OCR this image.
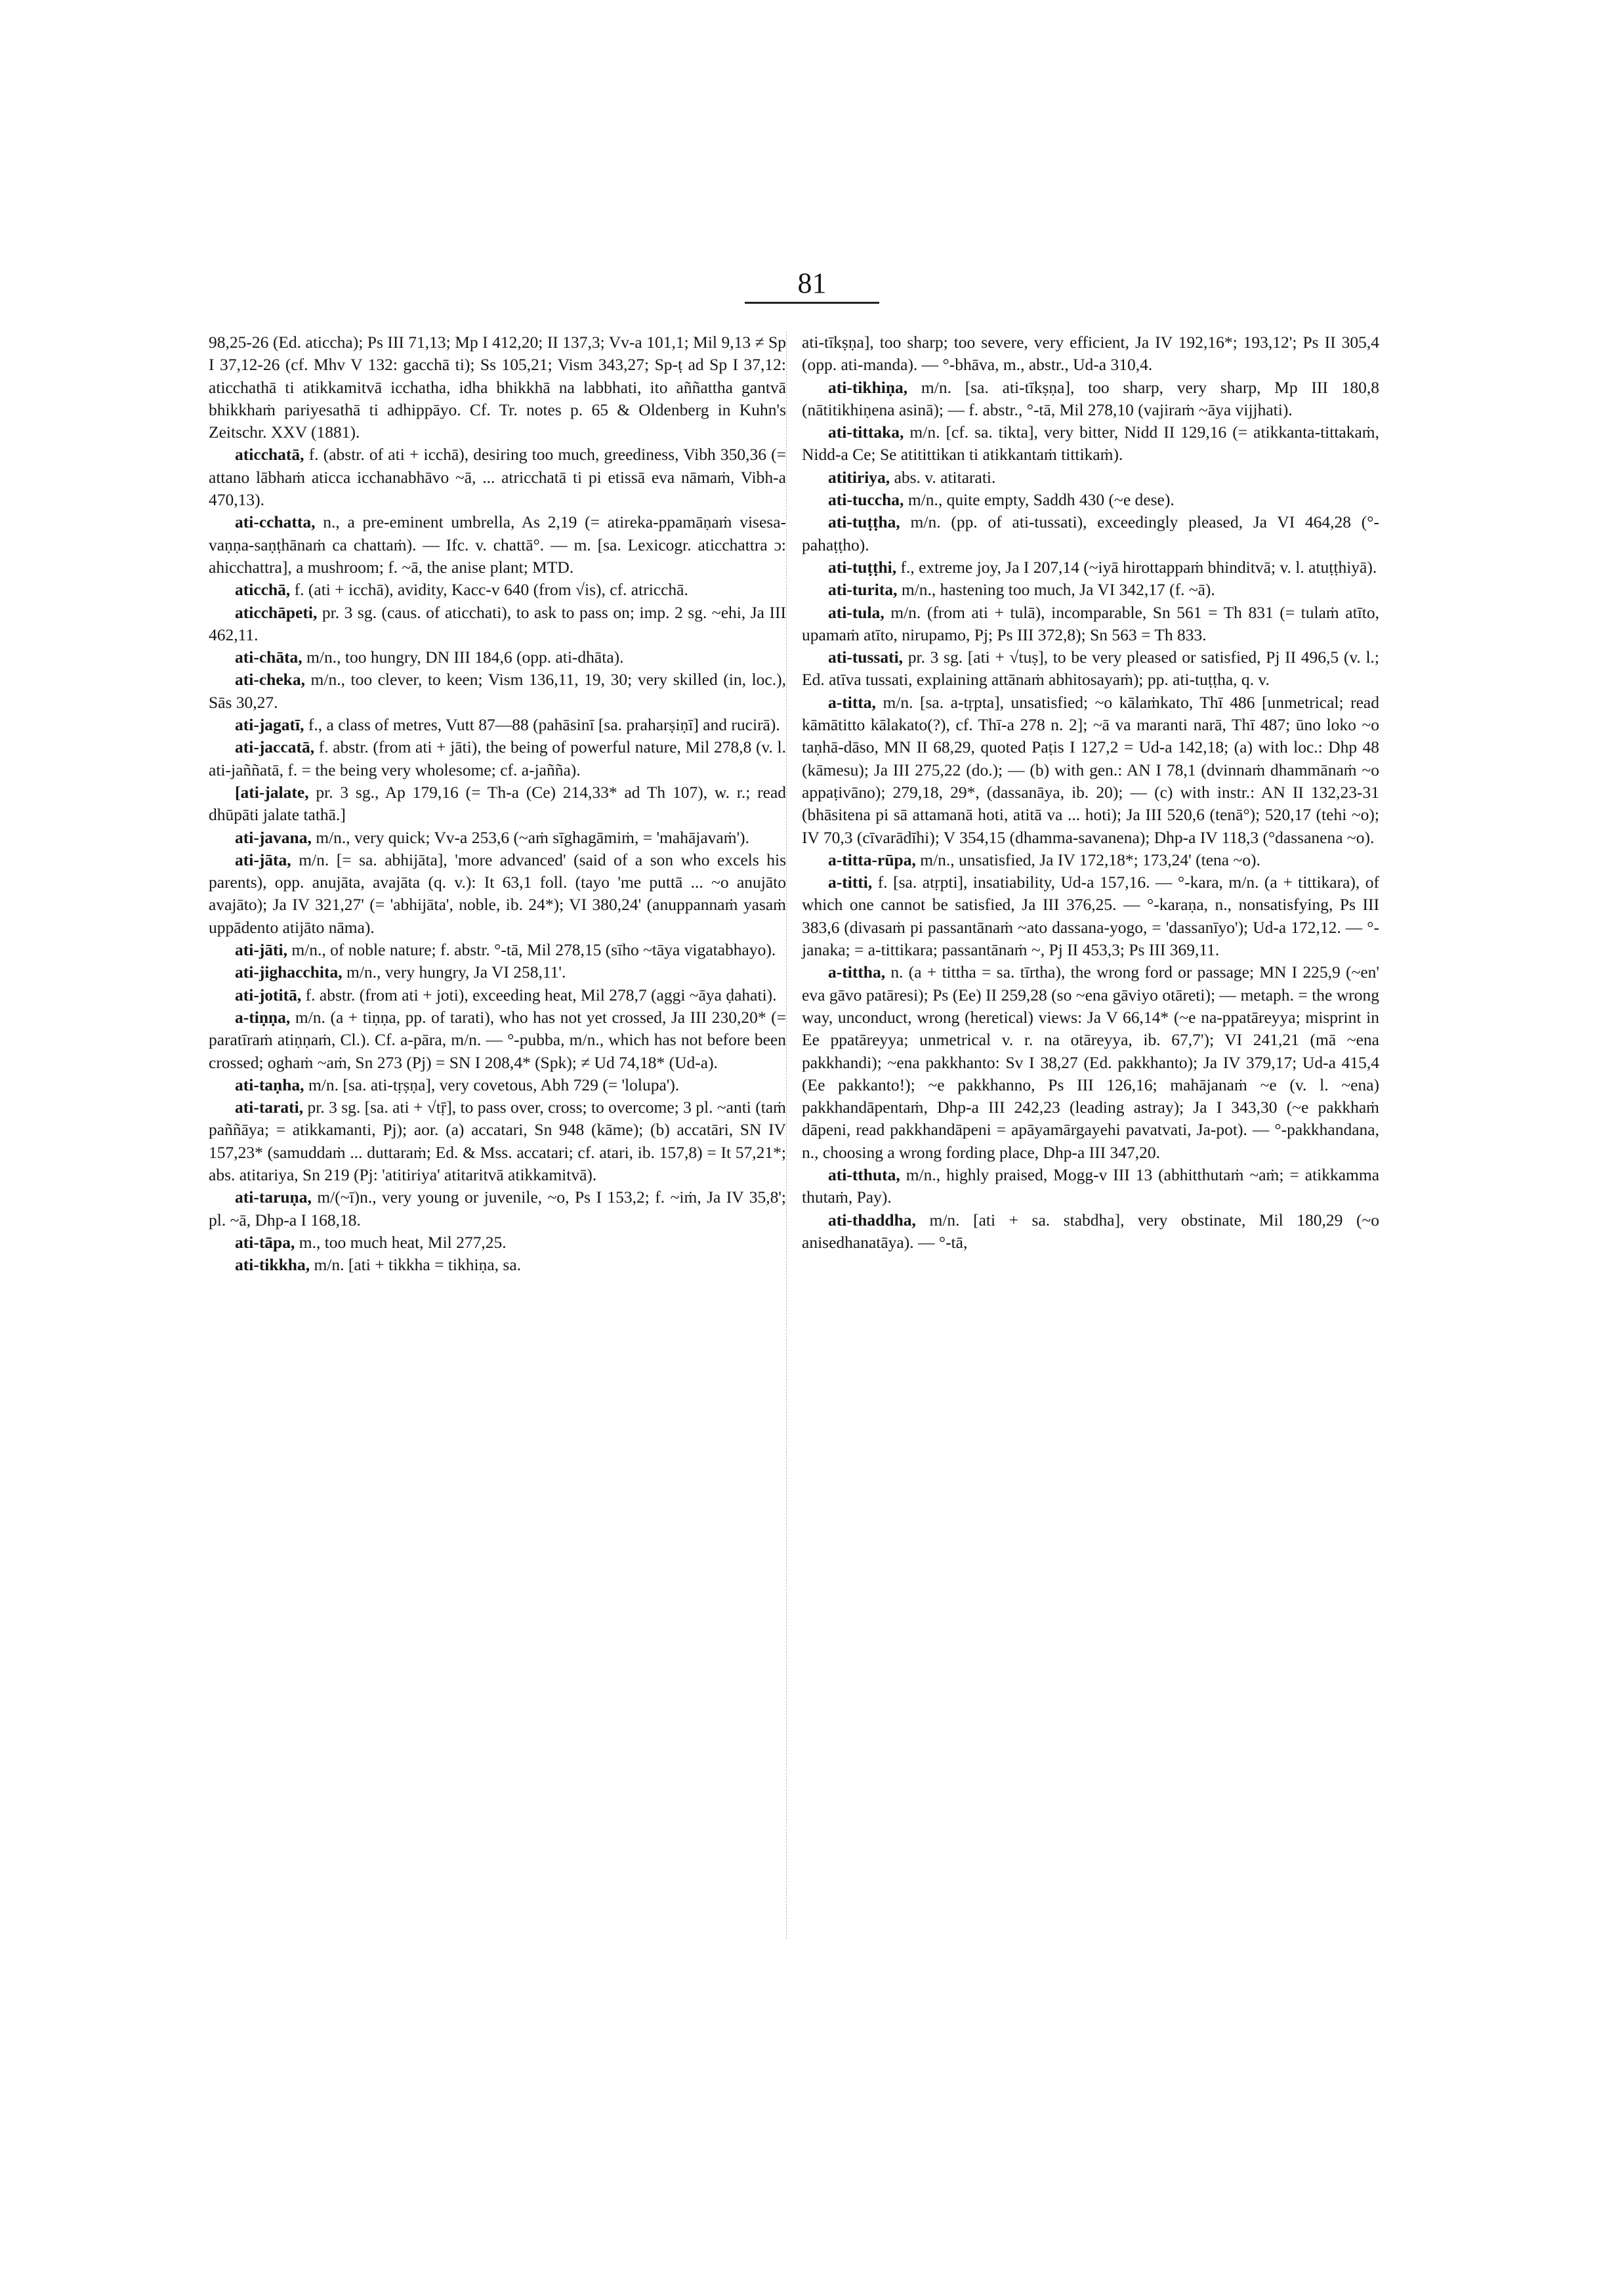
81

98,25-26 (Ed. aticcha); Ps III 71,13; Mp I 412,20; II 137,3; Vv-a 101,1; Mil 9,13 ≠ Sp I 37,12-26 (cf. Mhv V 132: gacchā ti); Ss 105,21; Vism 343,27; Sp-ṭ ad Sp I 37,12: aticchathā ti atikkamitvā icchatha, idha bhikkhā na labbhati, ito aññattha gantvā bhikkhaṁ pariyesathā ti adhippāyo. Cf. Tr. notes p. 65 & Oldenberg in Kuhn's Zeitschr. XXV (1881).

aticchatā, f. (abstr. of ati + icchā), desiring too much, greediness, Vibh 350,36 (= attano lābhaṁ aticca icchanabhāvo ~ā, ... atricchatā ti pi etissā eva nāmaṁ, Vibh-a 470,13).

ati-cchatta, n., a pre-eminent umbrella, As 2,19 (= atireka-ppamāṇaṁ visesa-vaṇṇa-saṇṭhānaṁ ca chattaṁ). — Ifc. v. chattā°. — m. [sa. Lexicogr. aticchattra ɔ: ahicchattra], a mushroom; f. ~ā, the anise plant; MTD.

aticchā, f. (ati + icchā), avidity, Kacc-v 640 (from √is), cf. atricchā.

aticchāpeti, pr. 3 sg. (caus. of aticchati), to ask to pass on; imp. 2 sg. ~ehi, Ja III 462,11.

ati-chāta, m/n., too hungry, DN III 184,6 (opp. ati-dhāta).

ati-cheka, m/n., too clever, to keen; Vism 136,11, 19, 30; very skilled (in, loc.), Sās 30,27.

ati-jagatī, f., a class of metres, Vutt 87—88 (pahāsinī [sa. praharṣiṇī] and rucirā).

ati-jaccatā, f. abstr. (from ati + jāti), the being of powerful nature, Mil 278,8 (v. l. ati-jaññatā, f. = the being very wholesome; cf. a-jañña).

[ati-jalate, pr. 3 sg., Ap 179,16 (= Th-a (Ce) 214,33* ad Th 107), w. r.; read dhūpāti jalate tathā.]

ati-javana, m/n., very quick; Vv-a 253,6 (~aṁ sīghagāmiṁ, = 'mahājavaṁ').

ati-jāta, m/n. [= sa. abhijāta], 'more advanced' (said of a son who excels his parents), opp. anujāta, avajāta (q. v.): It 63,1 foll. (tayo 'me puttā ... ~o anujāto avajāto); Ja IV 321,27' (= 'abhijāta', noble, ib. 24*); VI 380,24' (anuppannaṁ yasaṁ uppādento atijāto nāma).

ati-jāti, m/n., of noble nature; f. abstr. °-tā, Mil 278,15 (sīho ~tāya vigatabhayo).

ati-jighacchita, m/n., very hungry, Ja VI 258,11'.

ati-jotitā, f. abstr. (from ati + joti), exceeding heat, Mil 278,7 (aggi ~āya ḍahati).

a-tiṇṇa, m/n. (a + tiṇṇa, pp. of tarati), who has not yet crossed, Ja III 230,20* (= paratīraṁ atiṇṇaṁ, Cl.). Cf. a-pāra, m/n. — °-pubba, m/n., which has not before been crossed; oghaṁ ~aṁ, Sn 273 (Pj) = SN I 208,4* (Spk); ≠ Ud 74,18* (Ud-a).

ati-taṇha, m/n. [sa. ati-tṛṣṇa], very covetous, Abh 729 (= 'lolupa').

ati-tarati, pr. 3 sg. [sa. ati + √tṝ], to pass over, cross; to overcome; 3 pl. ~anti (taṁ paññāya; = atikkamanti, Pj); aor. (a) accatari, Sn 948 (kāme); (b) accatāri, SN IV 157,23* (samuddaṁ ... duttaraṁ; Ed. & Mss. accatari; cf. atari, ib. 157,8) = It 57,21*; abs. atitariya, Sn 219 (Pj: 'atitiriya' atitaritvā atikkamitvā).

ati-taruṇa, m/(~ī)n., very young or juvenile, ~o, Ps I 153,2; f. ~iṁ, Ja IV 35,8'; pl. ~ā, Dhp-a I 168,18.

ati-tāpa, m., too much heat, Mil 277,25.

ati-tikkha, m/n. [ati + tikkha = tikhiṇa, sa.

ati-tīkṣṇa], too sharp; too severe, very efficient, Ja IV 192,16*; 193,12'; Ps II 305,4 (opp. ati-manda). — °-bhāva, m., abstr., Ud-a 310,4.

ati-tikhiṇa, m/n. [sa. ati-tīkṣṇa], too sharp, very sharp, Mp III 180,8 (nātitikhiṇena asinā); — f. abstr., °-tā, Mil 278,10 (vajiraṁ ~āya vijjhati).

ati-tittaka, m/n. [cf. sa. tikta], very bitter, Nidd II 129,16 (= atikkanta-tittakaṁ, Nidd-a Ce; Se atitittikan ti atikkantaṁ tittikaṁ).

atitiriya, abs. v. atitarati.

ati-tuccha, m/n., quite empty, Saddh 430 (~e dese).

ati-tuṭṭha, m/n. (pp. of ati-tussati), exceedingly pleased, Ja VI 464,28 (°-pahaṭṭho).

ati-tuṭṭhi, f., extreme joy, Ja I 207,14 (~iyā hirottappaṁ bhinditvā; v. l. atuṭṭhiyā).

ati-turita, m/n., hastening too much, Ja VI 342,17 (f. ~ā).

ati-tula, m/n. (from ati + tulā), incomparable, Sn 561 = Th 831 (= tulaṁ atīto, upamaṁ atīto, nirupamo, Pj; Ps III 372,8); Sn 563 = Th 833.

ati-tussati, pr. 3 sg. [ati + √tuṣ], to be very pleased or satisfied, Pj II 496,5 (v. l.; Ed. atīva tussati, explaining attānaṁ abhitosayaṁ); pp. ati-tuṭṭha, q. v.

a-titta, m/n. [sa. a-tṛpta], unsatisfied; ~o kālaṁkato, Thī 486 [unmetrical; read kāmātitto kālakato(?), cf. Thī-a 278 n. 2]; ~ā va maranti narā, Thī 487; ūno loko ~o taṇhā-dāso, MN II 68,29, quoted Paṭis I 127,2 = Ud-a 142,18; (a) with loc.: Dhp 48 (kāmesu); Ja III 275,22 (do.); — (b) with gen.: AN I 78,1 (dvinnaṁ dhammānaṁ ~o appaṭivāno); 279,18, 29*, (dassanāya, ib. 20); — (c) with instr.: AN II 132,23-31 (bhāsitena pi sā attamanā hoti, atitā va ... hoti); Ja III 520,6 (tenā°); 520,17 (tehi ~o); IV 70,3 (cīvarādīhi); V 354,15 (dhamma-savanena); Dhp-a IV 118,3 (°dassanena ~o).

a-titta-rūpa, m/n., unsatisfied, Ja IV 172,18*; 173,24' (tena ~o).

a-titti, f. [sa. atṛpti], insatiability, Ud-a 157,16. — °-kara, m/n. (a + tittikara), of which one cannot be satisfied, Ja III 376,25. — °-karaṇa, n., nonsatisfying, Ps III 383,6 (divasaṁ pi passantānaṁ ~ato dassana-yogo, = 'dassanīyo'); Ud-a 172,12. — °-janaka; = a-tittikara; passantānaṁ ~, Pj II 453,3; Ps III 369,11.

a-tittha, n. (a + tittha = sa. tīrtha), the wrong ford or passage; MN I 225,9 (~en' eva gāvo patāresi); Ps (Ee) II 259,28 (so ~ena gāviyo otāreti); — metaph. = the wrong way, unconduct, wrong (heretical) views: Ja V 66,14* (~e na-ppatāreyya; misprint in Ee ppatāreyya; unmetrical v. r. na otāreyya, ib. 67,7'); VI 241,21 (mā ~ena pakkhandi); ~ena pakkhanto: Sv I 38,27 (Ed. pakkhanto); Ja IV 379,17; Ud-a 415,4 (Ee pakkanto!); ~e pakkhanno, Ps III 126,16; mahājanaṁ ~e (v. l. ~ena) pakkhandāpentaṁ, Dhp-a III 242,23 (leading astray); Ja I 343,30 (~e pakkhaṁ dāpeni, read pakkhandāpeni = apāyamārgayehi pavatvati, Ja-pot). — °-pakkhandana, n., choosing a wrong fording place, Dhp-a III 347,20.

ati-tthuta, m/n., highly praised, Mogg-v III 13 (abhitthutaṁ ~aṁ; = atikkamma thutaṁ, Pay).

ati-thaddha, m/n. [ati + sa. stabdha], very obstinate, Mil 180,29 (~o anisedhanatāya). — °-tā,
